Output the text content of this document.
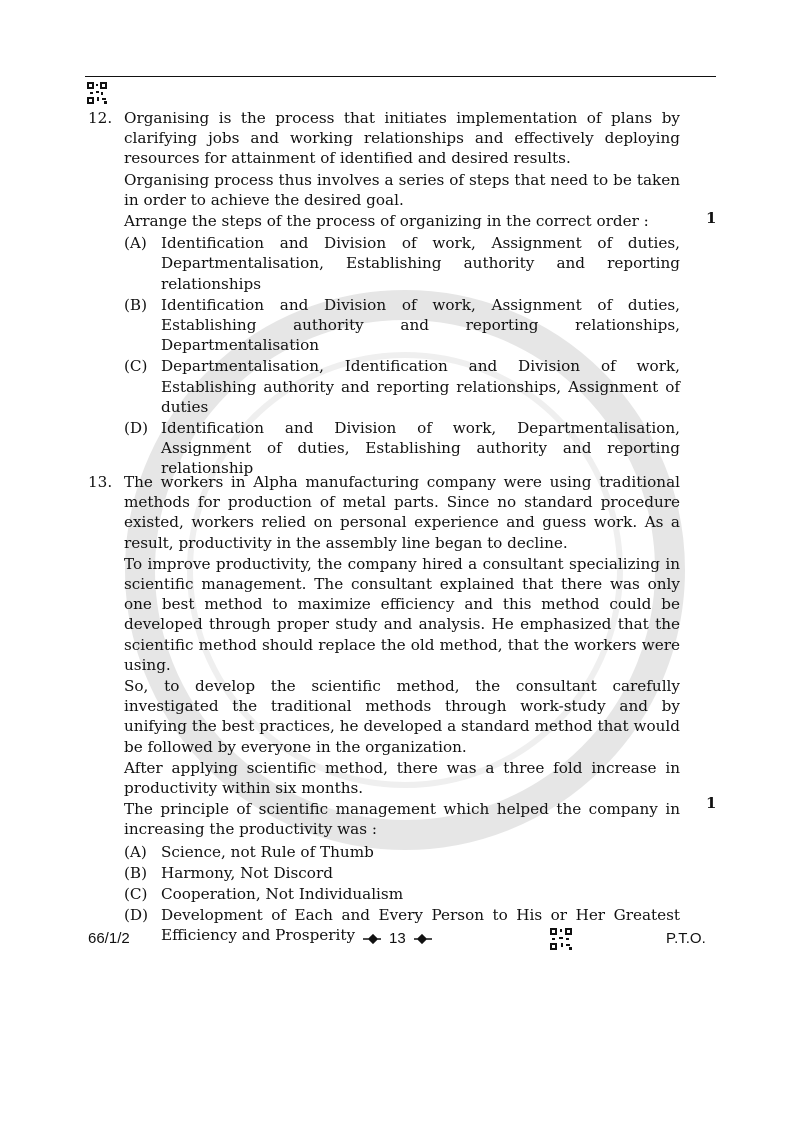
12. Organising is the process that initiates implementation of plans by clarifying jobs and working relationships and effectively deploying resources for attainment of identified and desired results.

Organising process thus involves a series of steps that need to be taken in order to achieve the desired goal.

Arrange the steps of the process of organizing in the correct order :

(A) Identification and Division of work, Assignment of duties, Departmentalisation, Establishing authority and reporting relationships
(B) Identification and Division of work, Assignment of duties, Establishing authority and reporting relationships, Departmentalisation
(C) Departmentalisation, Identification and Division of work, Establishing authority and reporting relationships, Assignment of duties
(D) Identification and Division of work, Departmentalisation, Assignment of duties, Establishing authority and reporting relationship
1
13. The workers in Alpha manufacturing company were using traditional methods for production of metal parts. Since no standard procedure existed, workers relied on personal experience and guess work. As a result, productivity in the assembly line began to decline.

To improve productivity, the company hired a consultant specializing in scientific management. The consultant explained that there was only one best method to maximize efficiency and this method could be developed through proper study and analysis. He emphasized that the scientific method should replace the old method, that the workers were using.

So, to develop the scientific method, the consultant carefully investigated the traditional methods through work-study and by unifying the best practices, he developed a standard method that would be followed by everyone in the organization.

After applying scientific method, there was a three fold increase in productivity within six months.

The principle of scientific management which helped the company in increasing the productivity was :

(A) Science, not Rule of Thumb
(B) Harmony, Not Discord
(C) Cooperation, Not Individualism
(D) Development of Each and Every Person to His or Her Greatest Efficiency and Prosperity
1
66/1/2	13	P.T.O.
